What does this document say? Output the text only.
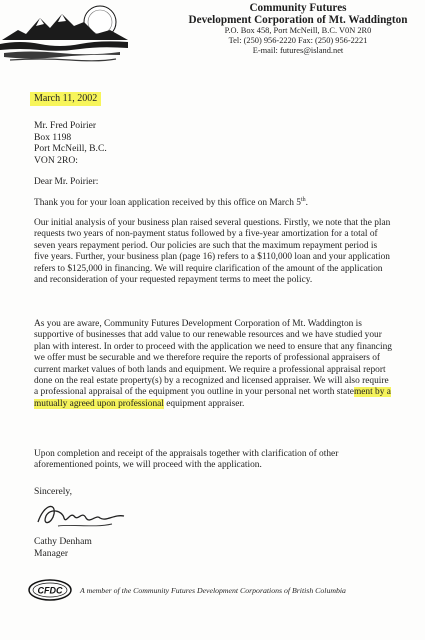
Community Futures
Development Corporation of Mt. Waddington
P.O. Box 458, Port McNeill, B.C. V0N 2R0
Tel: (250) 956-2220 Fax: (250) 956-2221
E-mail: futures@island.net
March 11, 2002
Mr. Fred Poirier
Box 1198
Port McNeill, B.C.
VON 2RO:

Dear Mr. Poirier:

Thank you for your loan application received by this office on March 5th.

Our initial analysis of your business plan raised several questions. Firstly, we note that the plan requests two years of non-payment status followed by a five-year amortization for a total of seven years repayment period. Our policies are such that the maximum repayment period is five years. Further, your business plan (page 16) refers to a $110,000 loan and your application refers to $125,000 in financing. We will require clarification of the amount of the application and reconsideration of your requested repayment terms to meet the policy.

As you are aware, Community Futures Development Corporation of Mt. Waddington is supportive of businesses that add value to our renewable resources and we have studied your plan with interest. In order to proceed with the application we need to ensure that any financing we offer must be securable and we therefore require the reports of professional appraisers of current market values of both lands and equipment. We require a professional appraisal report done on the real estate property(s) by a recognized and licensed appraiser. We will also require a professional appraisal of the equipment you outline in your personal net worth statement by a mutually agreed upon professional equipment appraiser.

Upon completion and receipt of the appraisals together with clarification of other aforementioned points, we will proceed with the application.

Sincerely,
Cathy Denham
Manager
CFDC A member of the Community Futures Development Corporations of British Columbia
